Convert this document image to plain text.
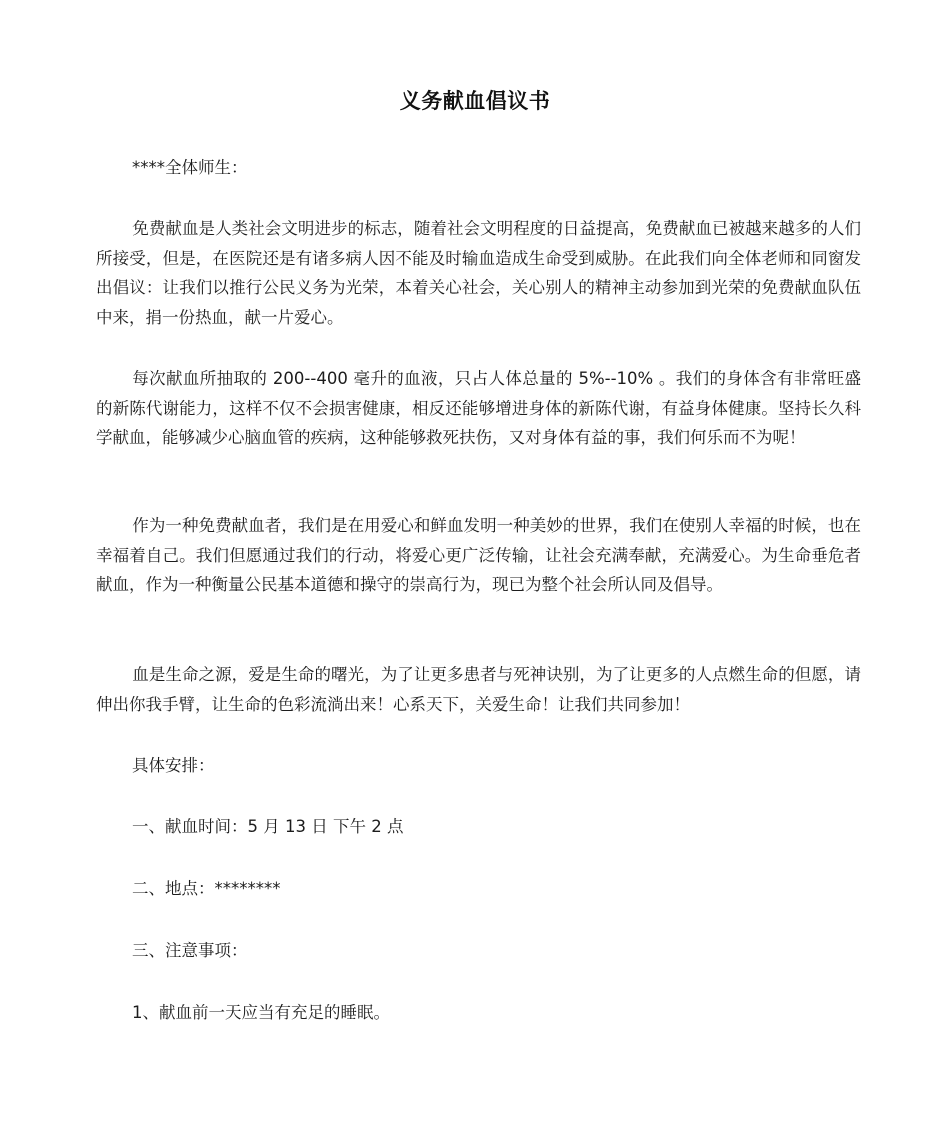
义务献血倡议书
****全体师生：
免费献血是人类社会文明进步的标志，随着社会文明程度的日益提高，免费献血已被越来越多的人们所接受，但是，在医院还是有诸多病人因不能及时输血造成生命受到威胁。在此我们向全体老师和同窗发出倡议：让我们以推行公民义务为光荣，本着关心社会，关心别人的精神主动参加到光荣的免费献血队伍中来，捐一份热血，献一片爱心。
每次献血所抽取的 200--400 毫升的血液，只占人体总量的 5%--10% 。我们的身体含有非常旺盛的新陈代谢能力，这样不仅不会损害健康，相反还能够增进身体的新陈代谢，有益身体健康。坚持长久科学献血，能够减少心脑血管的疾病，这种能够救死扶伤，又对身体有益的事，我们何乐而不为呢！
作为一种免费献血者，我们是在用爱心和鲜血发明一种美妙的世界，我们在使别人幸福的时候，也在幸福着自己。我们但愿通过我们的行动，将爱心更广泛传输，让社会充满奉献，充满爱心。为生命垂危者献血，作为一种衡量公民基本道德和操守的崇高行为，现已为整个社会所认同及倡导。
血是生命之源，爱是生命的曙光，为了让更多患者与死神诀别，为了让更多的人点燃生命的但愿，请伸出你我手臂，让生命的色彩流淌出来！心系天下，关爱生命！让我们共同参加！
具体安排：
一、献血时间：5 月 13 日 下午 2 点
二、地点：********
三、注意事项：
1、献血前一天应当有充足的睡眠。
